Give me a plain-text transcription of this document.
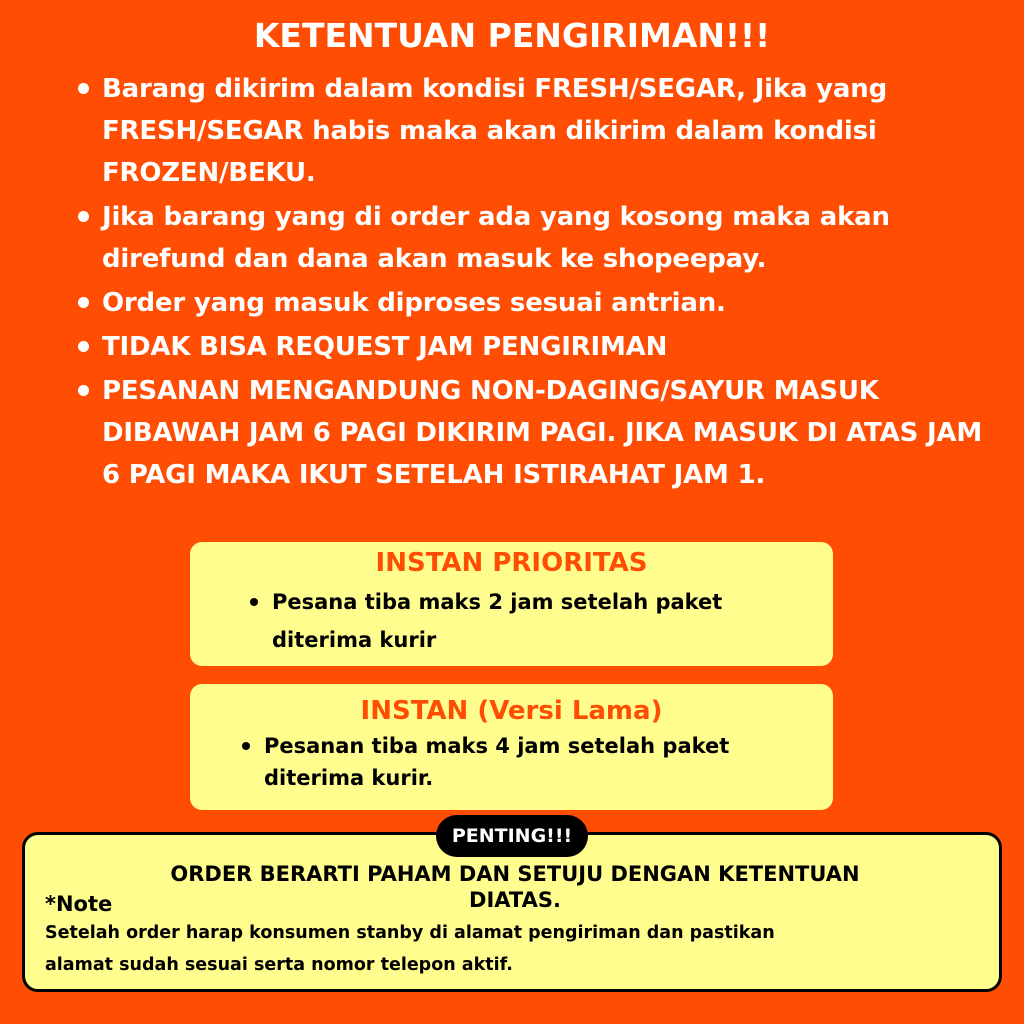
KETENTUAN PENGIRIMAN!!!
Barang dikirim dalam kondisi FRESH/SEGAR, Jika yang FRESH/SEGAR habis maka akan dikirim dalam kondisi FROZEN/BEKU.
Jika barang yang di order ada yang kosong maka akan direfund dan dana akan masuk ke shopeepay.
Order yang masuk diproses sesuai antrian.
TIDAK BISA REQUEST JAM PENGIRIMAN
PESANAN MENGANDUNG NON-DAGING/SAYUR MASUK DIBAWAH JAM 6 PAGI DIKIRIM PAGI. JIKA MASUK DI ATAS JAM 6 PAGI MAKA IKUT SETELAH ISTIRAHAT JAM 1.
INSTAN PRIORITAS
Pesana tiba maks 2 jam setelah paket
diterima kurir
INSTAN (Versi Lama)
Pesanan tiba maks 4 jam setelah paket
diterima kurir.
ORDER BERARTI PAHAM DAN SETUJU DENGAN KETENTUAN DIATAS.
*Note
Setelah order harap konsumen stanby di alamat pengiriman dan pastikan alamat sudah sesuai serta nomor telepon aktif.
PENTING!!!
